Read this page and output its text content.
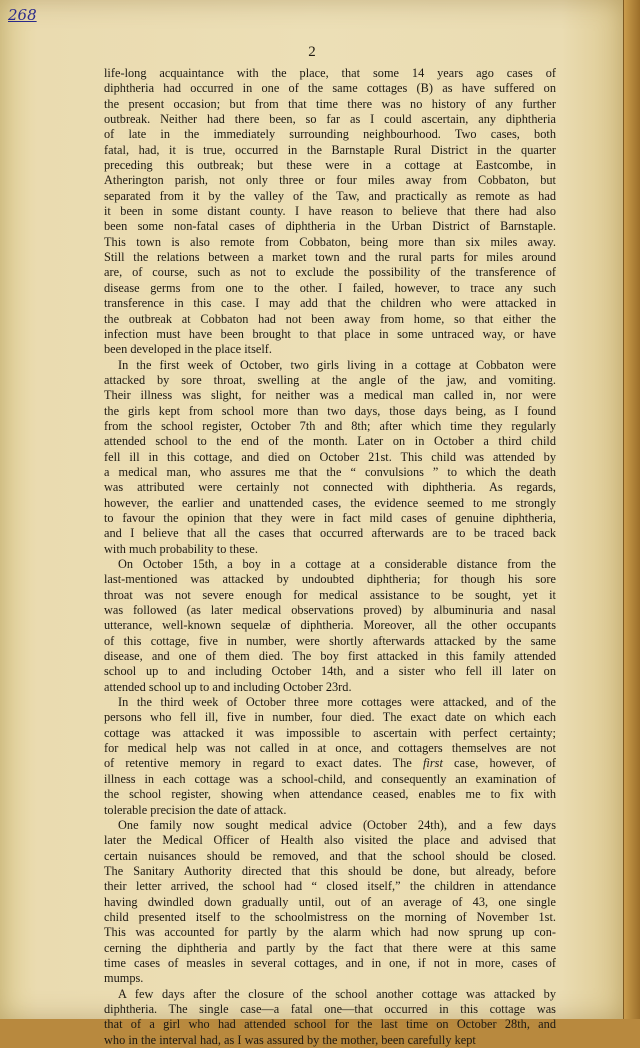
268
2
life-long acquaintance with the place, that some 14 years ago cases of
diphtheria had occurred in one of the same cottages (B) as have suffered on
the present occasion; but from that time there was no history of any further
outbreak. Neither had there been, so far as I could ascertain, any diphtheria
of late in the immediately surrounding neighbourhood. Two cases, both
fatal, had, it is true, occurred in the Barnstaple Rural District in the quarter
preceding this outbreak; but these were in a cottage at Eastcombe, in
Atherington parish, not only three or four miles away from Cobbaton, but
separated from it by the valley of the Taw, and practically as remote as had
it been in some distant county. I have reason to believe that there had also
been some non-fatal cases of diphtheria in the Urban District of Barnstaple.
This town is also remote from Cobbaton, being more than six miles away.
Still the relations between a market town and the rural parts for miles around
are, of course, such as not to exclude the possibility of the transference of
disease germs from one to the other. I failed, however, to trace any such
transference in this case. I may add that the children who were attacked in
the outbreak at Cobbaton had not been away from home, so that either the
infection must have been brought to that place in some untraced way, or have
been developed in the place itself.
In the first week of October, two girls living in a cottage at Cobbaton were
attacked by sore throat, swelling at the angle of the jaw, and vomiting.
Their illness was slight, for neither was a medical man called in, nor were
the girls kept from school more than two days, those days being, as I found
from the school register, October 7th and 8th; after which time they regularly
attended school to the end of the month. Later on in October a third child
fell ill in this cottage, and died on October 21st. This child was attended by
a medical man, who assures me that the “ convulsions ” to which the death
was attributed were certainly not connected with diphtheria. As regards,
however, the earlier and unattended cases, the evidence seemed to me strongly
to favour the opinion that they were in fact mild cases of genuine diphtheria,
and I believe that all the cases that occurred afterwards are to be traced back
with much probability to these.
On October 15th, a boy in a cottage at a considerable distance from the
last-mentioned was attacked by undoubted diphtheria; for though his sore
throat was not severe enough for medical assistance to be sought, yet it
was followed (as later medical observations proved) by albuminuria and nasal
utterance, well-known sequelæ of diphtheria. Moreover, all the other occupants
of this cottage, five in number, were shortly afterwards attacked by the same
disease, and one of them died. The boy first attacked in this family attended
school up to and including October 14th, and a sister who fell ill later on
attended school up to and including October 23rd.
In the third week of October three more cottages were attacked, and of the
persons who fell ill, five in number, four died. The exact date on which each
cottage was attacked it was impossible to ascertain with perfect certainty;
for medical help was not called in at once, and cottagers themselves are not
of retentive memory in regard to exact dates. The first case, however, of
illness in each cottage was a school-child, and consequently an examination of
the school register, showing when attendance ceased, enables me to fix with
tolerable precision the date of attack.
One family now sought medical advice (October 24th), and a few days
later the Medical Officer of Health also visited the place and advised that
certain nuisances should be removed, and that the school should be closed.
The Sanitary Authority directed that this should be done, but already, before
their letter arrived, the school had “ closed itself,” the children in attendance
having dwindled down gradually until, out of an average of 43, one single
child presented itself to the schoolmistress on the morning of November 1st.
This was accounted for partly by the alarm which had now sprung up con-
cerning the diphtheria and partly by the fact that there were at this same
time cases of measles in several cottages, and in one, if not in more, cases of
mumps.
A few days after the closure of the school another cottage was attacked by
diphtheria. The single case—a fatal one—that occurred in this cottage was
that of a girl who had attended school for the last time on October 28th, and
who in the interval had, as I was assured by the mother, been carefully kept
